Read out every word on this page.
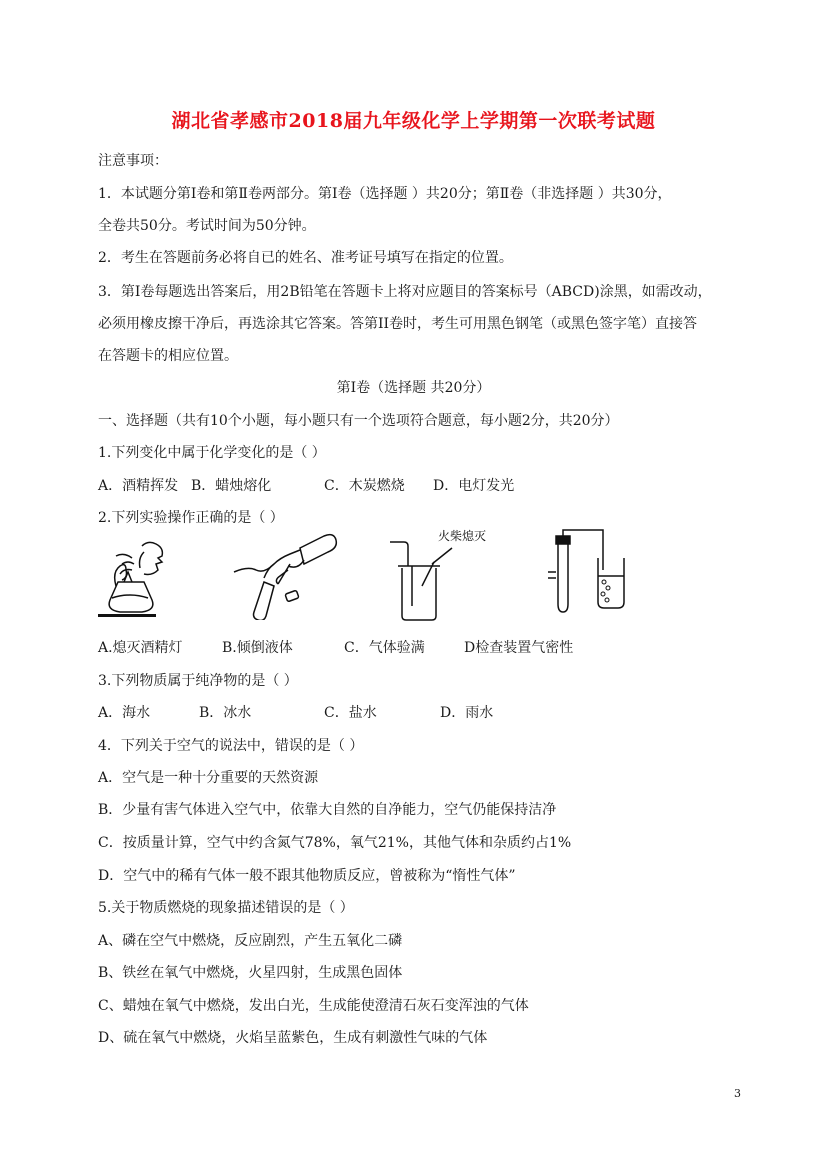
湖北省孝感市2018届九年级化学上学期第一次联考试题
注意事项：
1．本试题分第Ⅰ卷和第Ⅱ卷两部分。第Ⅰ卷（选择题 ）共20分；第Ⅱ卷（非选择题 ）共30分，
全卷共50分。考试时间为50分钟。
2．考生在答题前务必将自已的姓名、准考证号填写在指定的位置。
3．第Ⅰ卷每题选出答案后，用2B铅笔在答题卡上将对应题目的答案标号（ABCD)涂黑，如需改动，
必须用橡皮擦干净后，再选涂其它答案。答第II卷时，考生可用黑色钢笔（或黑色签字笔）直接答
在答题卡的相应位置。
第Ⅰ卷（选择题 共20分）
一、选择题（共有10个小题，每小题只有一个选项符合题意，每小题2分，共20分）
1.下列变化中属于化学变化的是（ ）
A．酒精挥发 B．蜡烛熔化	C．木炭燃烧 D．电灯发光
2.下列实验操作正确的是（ ）
火柴熄灭
A.熄灭酒精灯	B.倾倒液体	C．气体验满	D检查装置气密性
3.下列物质属于纯净物的是（ ）
A．海水	B．冰水	C．盐水	D．雨水
4．下列关于空气的说法中，错误的是（ ）
A．空气是一种十分重要的天然资源
B．少量有害气体进入空气中，依靠大自然的自净能力，空气仍能保持洁净
C．按质量计算，空气中约含氮气78%，氧气21%，其他气体和杂质约占1%
D．空气中的稀有气体一般不跟其他物质反应，曾被称为“惰性气体”
5.关于物质燃烧的现象描述错误的是（ ）
A、磷在空气中燃烧，反应剧烈，产生五氧化二磷
B、铁丝在氧气中燃烧，火星四射，生成黑色固体
C、蜡烛在氧气中燃烧，发出白光，生成能使澄清石灰石变浑浊的气体
D、硫在氧气中燃烧，火焰呈蓝紫色，生成有刺激性气味的气体
3
